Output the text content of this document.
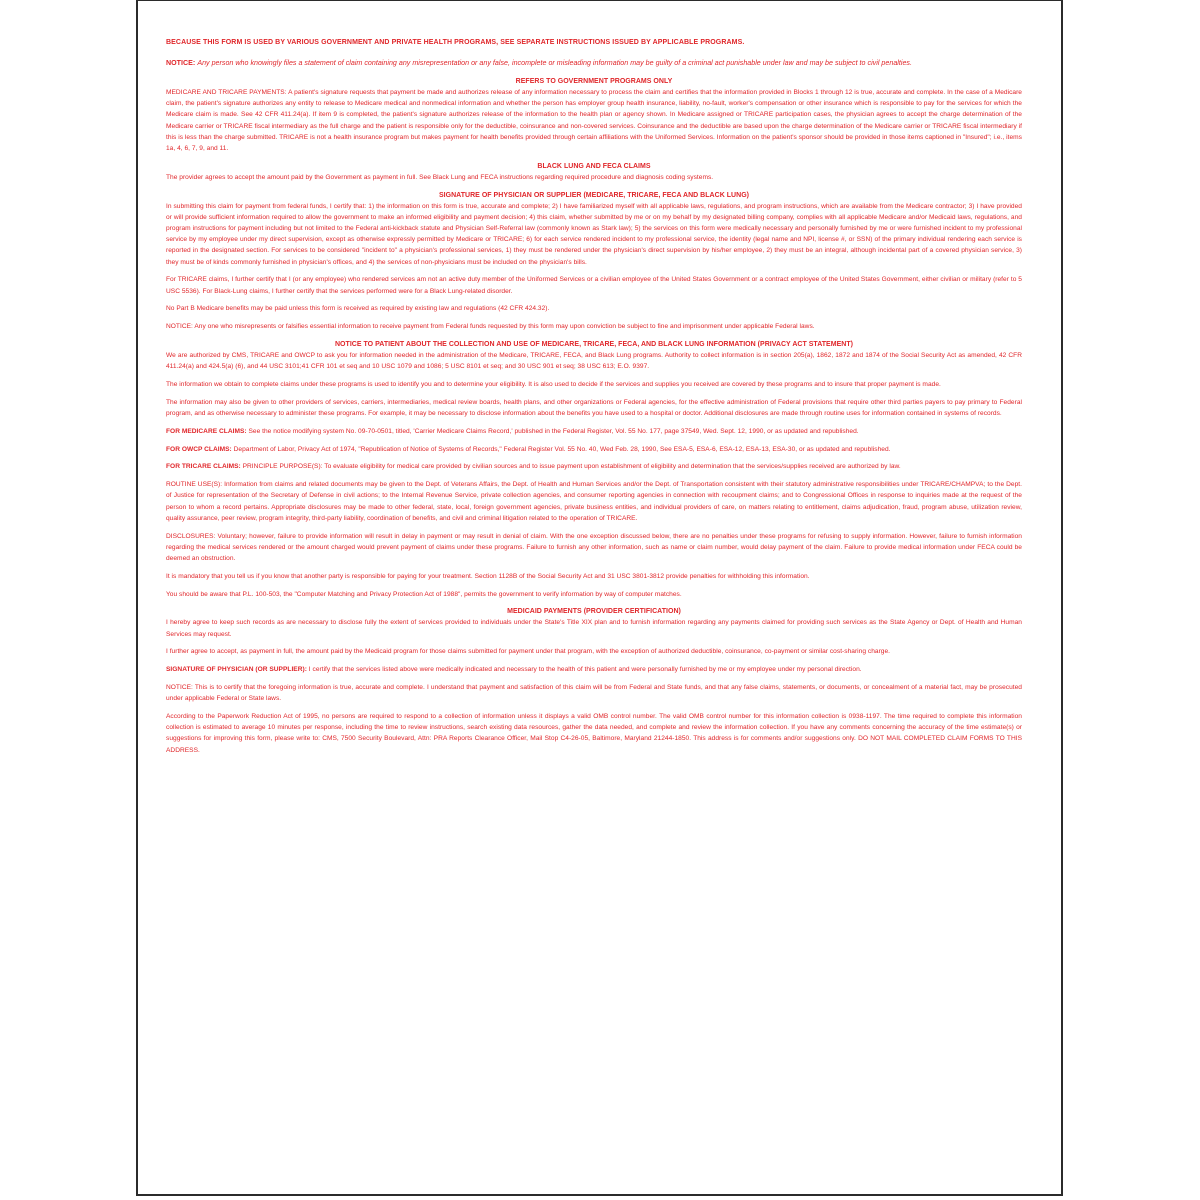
BECAUSE THIS FORM IS USED BY VARIOUS GOVERNMENT AND PRIVATE HEALTH PROGRAMS, SEE SEPARATE INSTRUCTIONS ISSUED BY APPLICABLE PROGRAMS.

NOTICE: Any person who knowingly files a statement of claim containing any misrepresentation or any false, incomplete or misleading information may be guilty of a criminal act punishable under law and may be subject to civil penalties.

REFERS TO GOVERNMENT PROGRAMS ONLY

MEDICARE AND TRICARE PAYMENTS: A patient's signature requests that payment be made and authorizes release of any information necessary to process the claim and certifies that the information provided in Blocks 1 through 12 is true, accurate and complete. In the case of a Medicare claim, the patient's signature authorizes any entity to release to Medicare medical and nonmedical information and whether the person has employer group health insurance, liability, no-fault, worker's compensation or other insurance which is responsible to pay for the services for which the Medicare claim is made. See 42 CFR 411.24(a). If item 9 is completed, the patient's signature authorizes release of the information to the health plan or agency shown. In Medicare assigned or TRICARE participation cases, the physician agrees to accept the charge determination of the Medicare carrier or TRICARE fiscal intermediary as the full charge and the patient is responsible only for the deductible, coinsurance and non-covered services. Coinsurance and the deductible are based upon the charge determination of the Medicare carrier or TRICARE fiscal intermediary if this is less than the charge submitted. TRICARE is not a health insurance program but makes payment for health benefits provided through certain affiliations with the Uniformed Services. Information on the patient's sponsor should be provided in those items captioned in "Insured"; i.e., items 1a, 4, 6, 7, 9, and 11.

BLACK LUNG AND FECA CLAIMS

The provider agrees to accept the amount paid by the Government as payment in full. See Black Lung and FECA instructions regarding required procedure and diagnosis coding systems.

SIGNATURE OF PHYSICIAN OR SUPPLIER (MEDICARE, TRICARE, FECA AND BLACK LUNG)

In submitting this claim for payment from federal funds, I certify that: 1) the information on this form is true, accurate and complete; 2) I have familiarized myself with all applicable laws, regulations, and program instructions, which are available from the Medicare contractor; 3) I have provided or will provide sufficient information required to allow the government to make an informed eligibility and payment decision; 4) this claim, whether submitted by me or on my behalf by my designated billing company, complies with all applicable Medicare and/or Medicaid laws, regulations, and program instructions for payment including but not limited to the Federal anti-kickback statute and Physician Self-Referral law (commonly known as Stark law); 5) the services on this form were medically necessary and personally furnished by me or were furnished incident to my professional service by my employee under my direct supervision, except as otherwise expressly permitted by Medicare or TRICARE; 6) for each service rendered incident to my professional service, the identity (legal name and NPI, license #, or SSN) of the primary individual rendering each service is reported in the designated section. For services to be considered "incident to" a physician's professional services, 1) they must be rendered under the physician's direct supervision by his/her employee, 2) they must be an integral, although incidental part of a covered physician service, 3) they must be of kinds commonly furnished in physician's offices, and 4) the services of non-physicians must be included on the physician's bills.

For TRICARE claims, I further certify that I (or any employee) who rendered services am not an active duty member of the Uniformed Services or a civilian employee of the United States Government or a contract employee of the United States Government, either civilian or military (refer to 5 USC 5536). For Black-Lung claims, I further certify that the services performed were for a Black Lung-related disorder.

No Part B Medicare benefits may be paid unless this form is received as required by existing law and regulations (42 CFR 424.32).

NOTICE: Any one who misrepresents or falsifies essential information to receive payment from Federal funds requested by this form may upon conviction be subject to fine and imprisonment under applicable Federal laws.

NOTICE TO PATIENT ABOUT THE COLLECTION AND USE OF MEDICARE, TRICARE, FECA, AND BLACK LUNG INFORMATION (PRIVACY ACT STATEMENT)

We are authorized by CMS, TRICARE and OWCP to ask you for information needed in the administration of the Medicare, TRICARE, FECA, and Black Lung programs. Authority to collect information is in section 205(a), 1862, 1872 and 1874 of the Social Security Act as amended, 42 CFR 411.24(a) and 424.5(a) (6), and 44 USC 3101;41 CFR 101 et seq and 10 USC 1079 and 1086; 5 USC 8101 et seq; and 30 USC 901 et seq; 38 USC 613; E.O. 9397.

The information we obtain to complete claims under these programs is used to identify you and to determine your eligibility. It is also used to decide if the services and supplies you received are covered by these programs and to insure that proper payment is made.

The information may also be given to other providers of services, carriers, intermediaries, medical review boards, health plans, and other organizations or Federal agencies, for the effective administration of Federal provisions that require other third parties payers to pay primary to Federal program, and as otherwise necessary to administer these programs. For example, it may be necessary to disclose information about the benefits you have used to a hospital or doctor. Additional disclosures are made through routine uses for information contained in systems of records.

FOR MEDICARE CLAIMS: See the notice modifying system No. 09-70-0501, titled, 'Carrier Medicare Claims Record,' published in the Federal Register, Vol. 55 No. 177, page 37549, Wed. Sept. 12, 1990, or as updated and republished.

FOR OWCP CLAIMS: Department of Labor, Privacy Act of 1974, "Republication of Notice of Systems of Records," Federal Register Vol. 55 No. 40, Wed Feb. 28, 1990, See ESA-5, ESA-6, ESA-12, ESA-13, ESA-30, or as updated and republished.

FOR TRICARE CLAIMS: PRINCIPLE PURPOSE(S): To evaluate eligibility for medical care provided by civilian sources and to issue payment upon establishment of eligibility and determination that the services/supplies received are authorized by law.

ROUTINE USE(S): Information from claims and related documents may be given to the Dept. of Veterans Affairs, the Dept. of Health and Human Services and/or the Dept. of Transportation consistent with their statutory administrative responsibilities under TRICARE/CHAMPVA; to the Dept. of Justice for representation of the Secretary of Defense in civil actions; to the Internal Revenue Service, private collection agencies, and consumer reporting agencies in connection with recoupment claims; and to Congressional Offices in response to inquiries made at the request of the person to whom a record pertains. Appropriate disclosures may be made to other federal, state, local, foreign government agencies, private business entities, and individual providers of care, on matters relating to entitlement, claims adjudication, fraud, program abuse, utilization review, quality assurance, peer review, program integrity, third-party liability, coordination of benefits, and civil and criminal litigation related to the operation of TRICARE.

DISCLOSURES: Voluntary; however, failure to provide information will result in delay in payment or may result in denial of claim. With the one exception discussed below, there are no penalties under these programs for refusing to supply information. However, failure to furnish information regarding the medical services rendered or the amount charged would prevent payment of claims under these programs. Failure to furnish any other information, such as name or claim number, would delay payment of the claim. Failure to provide medical information under FECA could be deemed an obstruction.

It is mandatory that you tell us if you know that another party is responsible for paying for your treatment. Section 1128B of the Social Security Act and 31 USC 3801-3812 provide penalties for withholding this information.

You should be aware that P.L. 100-503, the "Computer Matching and Privacy Protection Act of 1988", permits the government to verify information by way of computer matches.

MEDICAID PAYMENTS (PROVIDER CERTIFICATION)

I hereby agree to keep such records as are necessary to disclose fully the extent of services provided to individuals under the State's Title XIX plan and to furnish information regarding any payments claimed for providing such services as the State Agency or Dept. of Health and Human Services may request.

I further agree to accept, as payment in full, the amount paid by the Medicaid program for those claims submitted for payment under that program, with the exception of authorized deductible, coinsurance, co-payment or similar cost-sharing charge.

SIGNATURE OF PHYSICIAN (OR SUPPLIER): I certify that the services listed above were medically indicated and necessary to the health of this patient and were personally furnished by me or my employee under my personal direction.

NOTICE: This is to certify that the foregoing information is true, accurate and complete. I understand that payment and satisfaction of this claim will be from Federal and State funds, and that any false claims, statements, or documents, or concealment of a material fact, may be prosecuted under applicable Federal or State laws.

According to the Paperwork Reduction Act of 1995, no persons are required to respond to a collection of information unless it displays a valid OMB control number. The valid OMB control number for this information collection is 0938-1197. The time required to complete this information collection is estimated to average 10 minutes per response, including the time to review instructions, search existing data resources, gather the data needed, and complete and review the information collection. If you have any comments concerning the accuracy of the time estimate(s) or suggestions for improving this form, please write to: CMS, 7500 Security Boulevard, Attn: PRA Reports Clearance Officer, Mail Stop C4-26-05, Baltimore, Maryland 21244-1850. This address is for comments and/or suggestions only. DO NOT MAIL COMPLETED CLAIM FORMS TO THIS ADDRESS.
